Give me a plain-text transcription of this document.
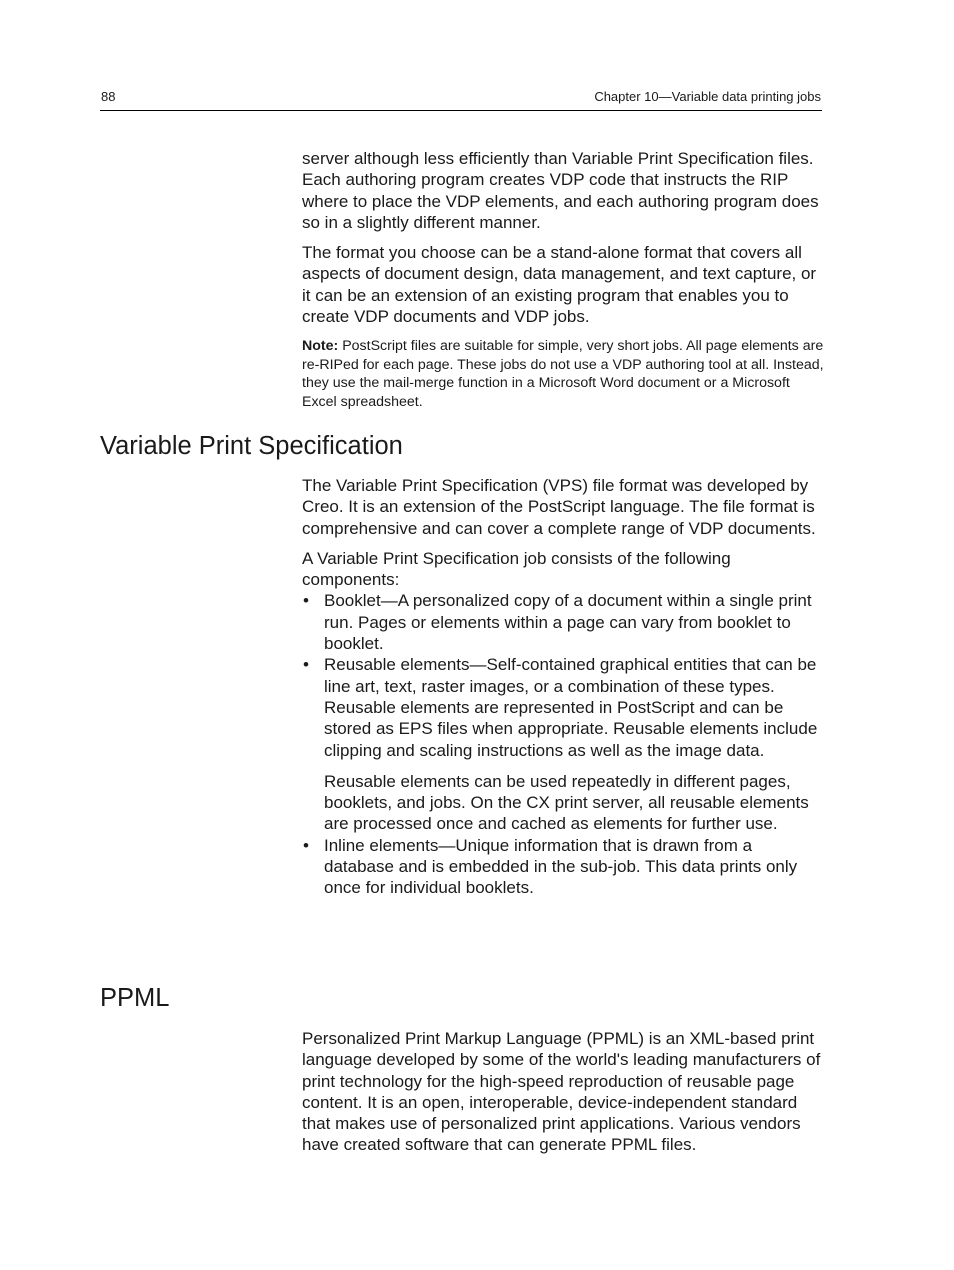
88	Chapter 10—Variable data printing jobs

server although less efficiently than Variable Print Specification files. Each authoring program creates VDP code that instructs the RIP where to place the VDP elements, and each authoring program does so in a slightly different manner.

The format you choose can be a stand-alone format that covers all aspects of document design, data management, and text capture, or it can be an extension of an existing program that enables you to create VDP documents and VDP jobs.

Note: PostScript files are suitable for simple, very short jobs. All page elements are re-RIPed for each page. These jobs do not use a VDP authoring tool at all. Instead, they use the mail-merge function in a Microsoft Word document or a Microsoft Excel spreadsheet.

Variable Print Specification

The Variable Print Specification (VPS) file format was developed by Creo. It is an extension of the PostScript language. The file format is comprehensive and can cover a complete range of VDP documents.

A Variable Print Specification job consists of the following components:

• Booklet—A personalized copy of a document within a single print run. Pages or elements within a page can vary from booklet to booklet.
• Reusable elements—Self-contained graphical entities that can be line art, text, raster images, or a combination of these types. Reusable elements are represented in PostScript and can be stored as EPS files when appropriate. Reusable elements include clipping and scaling instructions as well as the image data.

Reusable elements can be used repeatedly in different pages, booklets, and jobs. On the CX print server, all reusable elements are processed once and cached as elements for further use.

• Inline elements—Unique information that is drawn from a database and is embedded in the sub-job. This data prints only once for individual booklets.
PPML

Personalized Print Markup Language (PPML) is an XML-based print language developed by some of the world's leading manufacturers of print technology for the high-speed reproduction of reusable page content. It is an open, interoperable, device-independent standard that makes use of personalized print applications. Various vendors have created software that can generate PPML files.
